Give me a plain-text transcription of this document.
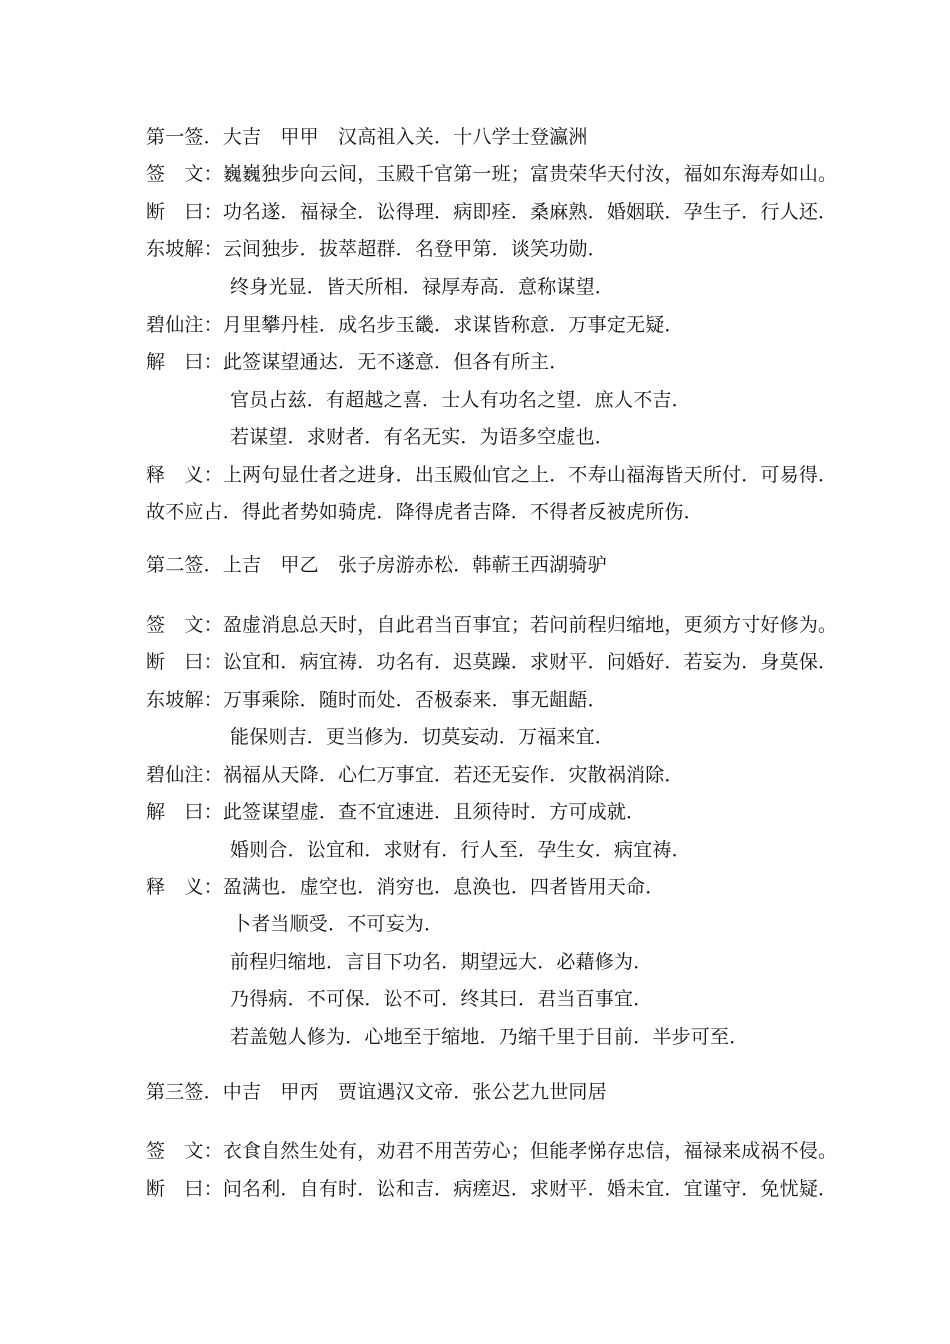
第一签．大吉　甲甲　汉高祖入关．十八学士登瀛洲
签　文：巍巍独步向云间，玉殿千官第一班；富贵荣华天付汝，福如东海寿如山。
断　曰：功名遂．福禄全．讼得理．病即痊．桑麻熟．婚姻联．孕生子．行人还．
东坡解：云间独步．拔萃超群．名登甲第．谈笑功勋．
终身光显．皆天所相．禄厚寿高．意称谋望．
碧仙注：月里攀丹桂．成名步玉畿．求谋皆称意．万事定无疑．
解　曰：此签谋望通达．无不遂意．但各有所主．
官员占兹．有超越之喜．士人有功名之望．庶人不吉．
若谋望．求财者．有名无实．为语多空虚也．
释　义：上两句显仕者之进身．出玉殿仙官之上．不寿山福海皆天所付．可易得．
故不应占．得此者势如骑虎．降得虎者吉降．不得者反被虎所伤．
第二签．上吉　甲乙　张子房游赤松．韩蕲王西湖骑驴
签　文：盈虚消息总天时，自此君当百事宜；若问前程归缩地，更须方寸好修为。
断　曰：讼宜和．病宜祷．功名有．迟莫躁．求财平．问婚好．若妄为．身莫保．
东坡解：万事乘除．随时而处．否极泰来．事无龃龉．
能保则吉．更当修为．切莫妄动．万福来宜．
碧仙注：祸福从天降．心仁万事宜．若还无妄作．灾散祸消除．
解　曰：此签谋望虚．查不宜速进．且须待时．方可成就．
婚则合．讼宜和．求财有．行人至．孕生女．病宜祷．
释　义：盈满也．虚空也．消穷也．息涣也．四者皆用天命．
卜者当顺受．不可妄为．
前程归缩地．言目下功名．期望远大．必藉修为．
乃得病．不可保．讼不可．终其曰．君当百事宜．
若盖勉人修为．心地至于缩地．乃缩千里于目前．半步可至．
第三签．中吉　甲丙　贾谊遇汉文帝．张公艺九世同居
签　文：衣食自然生处有，劝君不用苦劳心；但能孝悌存忠信，福禄来成祸不侵。
断　曰：问名利．自有时．讼和吉．病瘥迟．求财平．婚未宜．宜谨守．免忧疑．
